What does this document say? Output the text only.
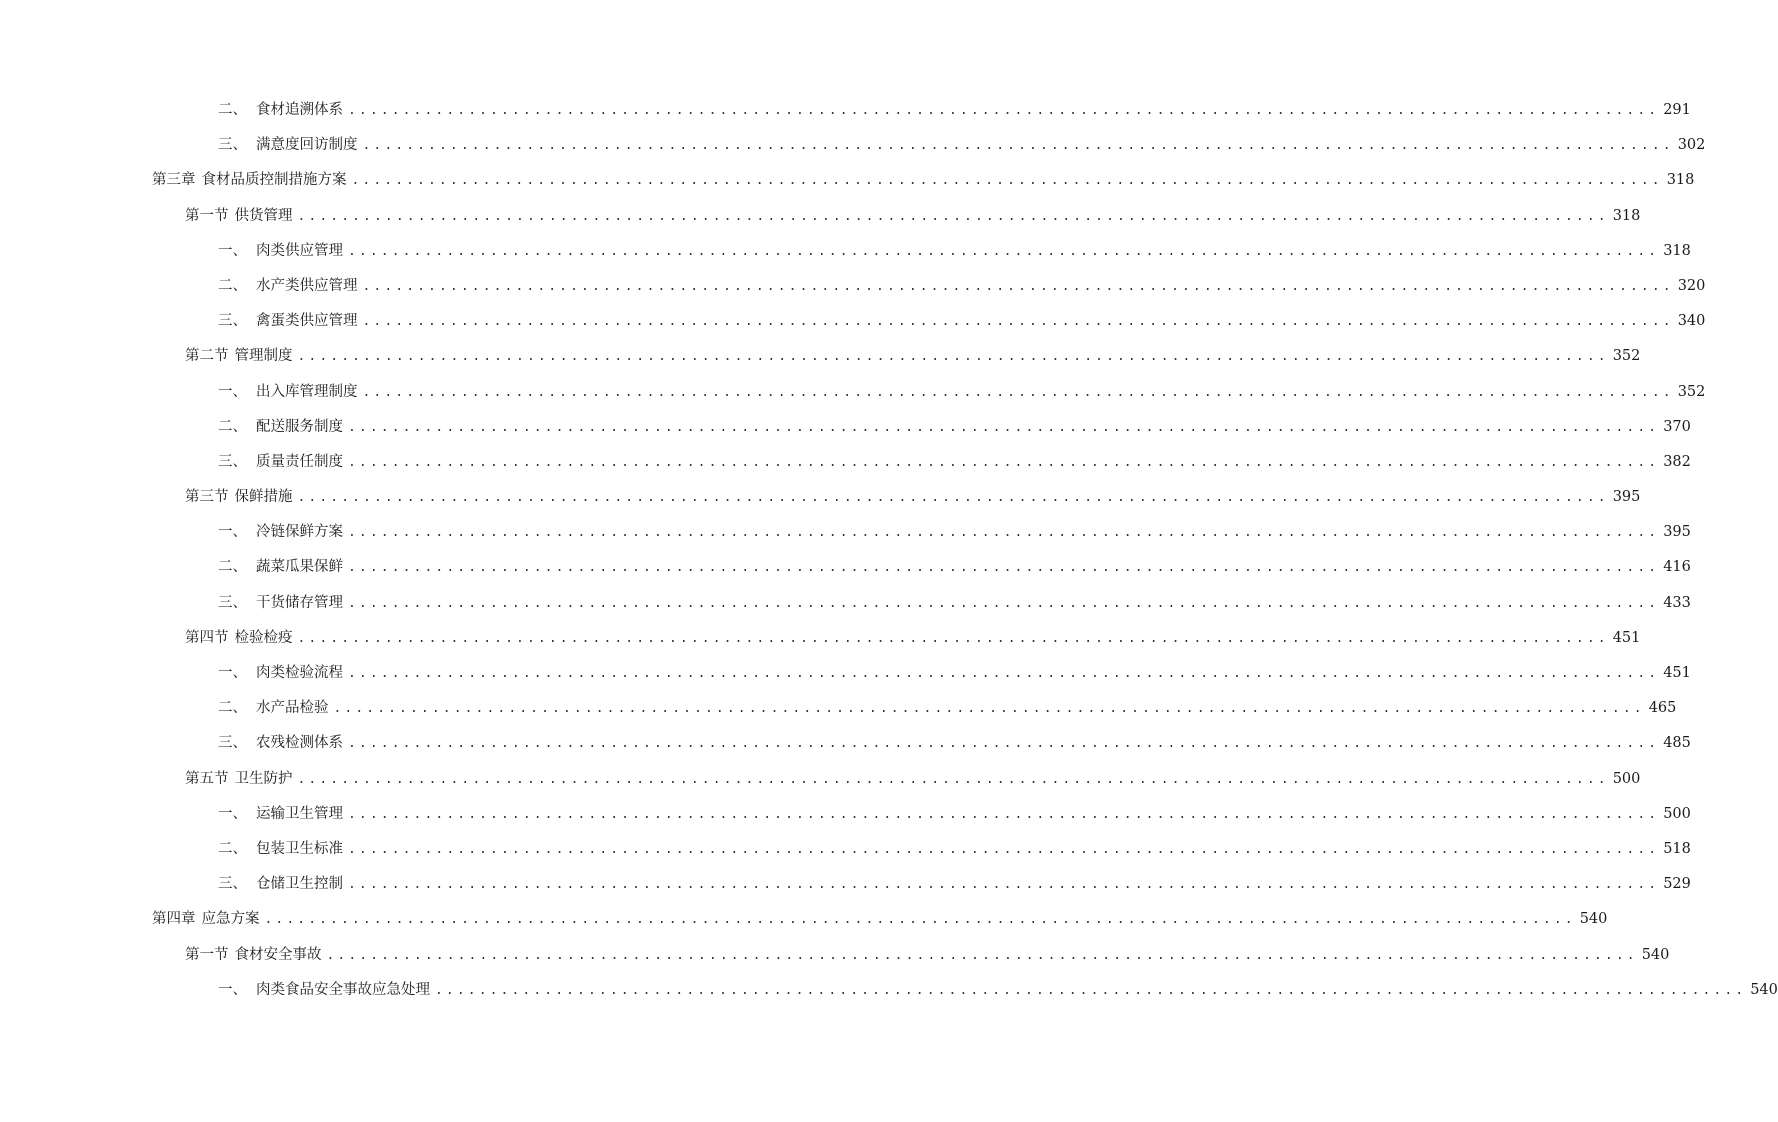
二、 食材追溯体系 ........................................................................................................................ 291
三、 满意度回访制度 ........................................................................................................................ 302
第三章 食材品质控制措施方案 ........................................................................................................................ 318
第一节 供货管理 ........................................................................................................................ 318
一、 肉类供应管理 ........................................................................................................................ 318
二、 水产类供应管理 ........................................................................................................................ 320
三、 禽蛋类供应管理 ........................................................................................................................ 340
第二节 管理制度 ........................................................................................................................ 352
一、 出入库管理制度 ........................................................................................................................ 352
二、 配送服务制度 ........................................................................................................................ 370
三、 质量责任制度 ........................................................................................................................ 382
第三节 保鲜措施 ........................................................................................................................ 395
一、 冷链保鲜方案 ........................................................................................................................ 395
二、 蔬菜瓜果保鲜 ........................................................................................................................ 416
三、 干货储存管理 ........................................................................................................................ 433
第四节 检验检疫 ........................................................................................................................ 451
一、 肉类检验流程 ........................................................................................................................ 451
二、 水产品检验 ........................................................................................................................ 465
三、 农残检测体系 ........................................................................................................................ 485
第五节 卫生防护 ........................................................................................................................ 500
一、 运输卫生管理 ........................................................................................................................ 500
二、 包装卫生标准 ........................................................................................................................ 518
三、 仓储卫生控制 ........................................................................................................................ 529
第四章 应急方案 ........................................................................................................................ 540
第一节 食材安全事故 ........................................................................................................................ 540
一、 肉类食品安全事故应急处理 ........................................................................................................................ 540
